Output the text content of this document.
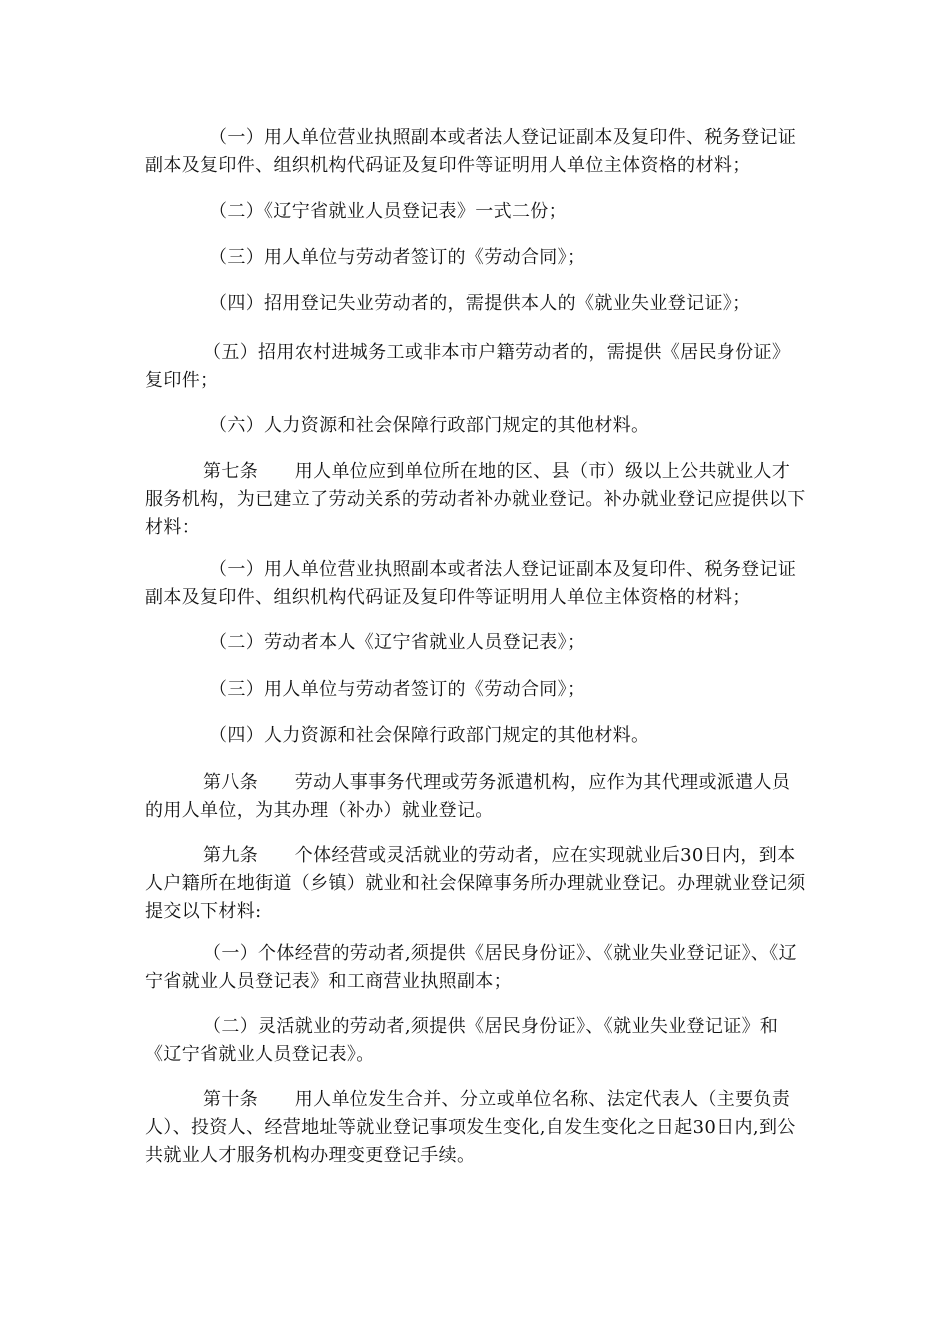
（一）用人单位营业执照副本或者法人登记证副本及复印件、税务登记证副本及复印件、组织机构代码证及复印件等证明用人单位主体资格的材料；

（二）《辽宁省就业人员登记表》一式二份；

（三）用人单位与劳动者签订的《劳动合同》；

（四）招用登记失业劳动者的，需提供本人的《就业失业登记证》；

（五）招用农村进城务工或非本市户籍劳动者的，需提供《居民身份证》复印件；

（六）人力资源和社会保障行政部门规定的其他材料。

第七条　　用人单位应到单位所在地的区、县（市）级以上公共就业人才服务机构，为已建立了劳动关系的劳动者补办就业登记。补办就业登记应提供以下材料：

（一）用人单位营业执照副本或者法人登记证副本及复印件、税务登记证副本及复印件、组织机构代码证及复印件等证明用人单位主体资格的材料；

（二）劳动者本人《辽宁省就业人员登记表》；

（三）用人单位与劳动者签订的《劳动合同》；

（四）人力资源和社会保障行政部门规定的其他材料。

第八条　　劳动人事事务代理或劳务派遣机构，应作为其代理或派遣人员的用人单位，为其办理（补办）就业登记。

第九条　　个体经营或灵活就业的劳动者，应在实现就业后30日内，到本人户籍所在地街道（乡镇）就业和社会保障事务所办理就业登记。办理就业登记须提交以下材料:

（一）个体经营的劳动者,须提供《居民身份证》、《就业失业登记证》、《辽宁省就业人员登记表》和工商营业执照副本；

（二）灵活就业的劳动者,须提供《居民身份证》、《就业失业登记证》和《辽宁省就业人员登记表》。

第十条　　用人单位发生合并、分立或单位名称、法定代表人（主要负责人）、投资人、经营地址等就业登记事项发生变化,自发生变化之日起30日内,到公共就业人才服务机构办理变更登记手续。
